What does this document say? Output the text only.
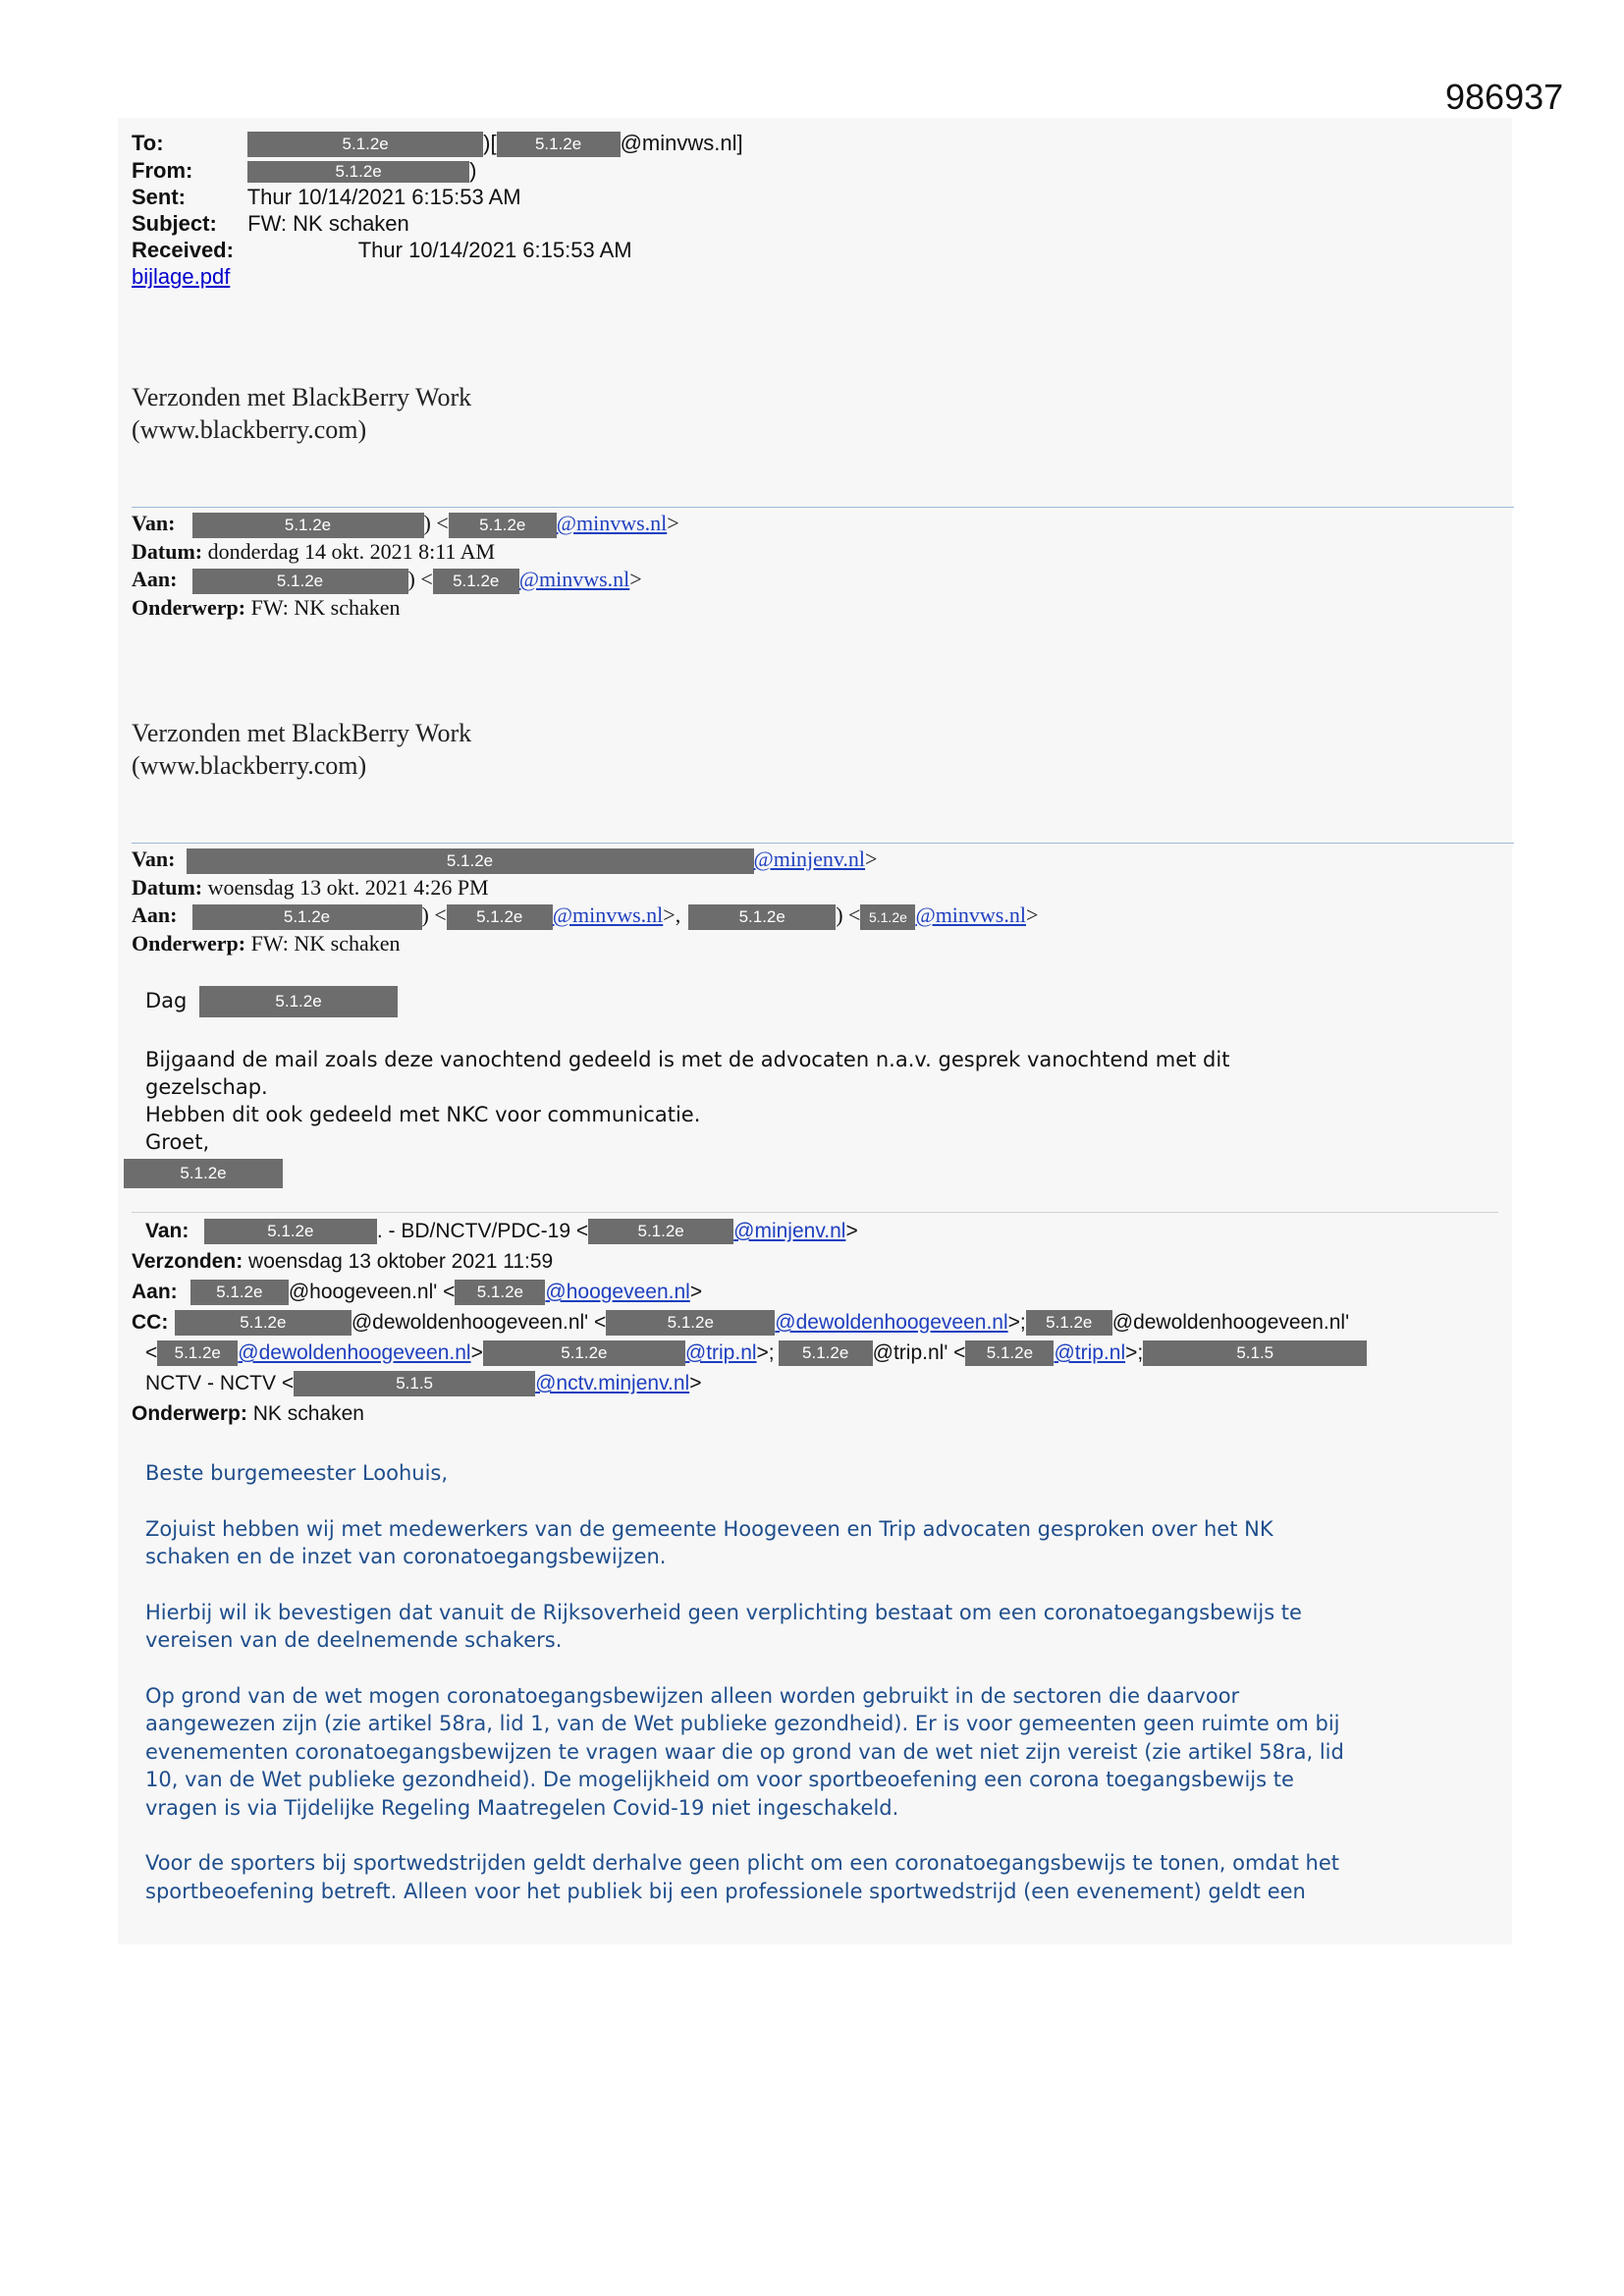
986937
To:	5.1.2e	)[ 5.1.2e @minvws.nl]
From:	5.1.2e	)
Sent:	Thur 10/14/2021 6:15:53 AM
Subject: FW: NK schaken
Received:	Thur 10/14/2021 6:15:53 AM
bijlage.pdf
Verzonden met BlackBerry Work
(www.blackberry.com)
Van:	5.1.2e	) < 5.1.2e @minvws.nl>
Datum: donderdag 14 okt. 2021 8:11 AM
Aan:	5.1.2e	) < 5.1.2e @minvws.nl>
Onderwerp: FW: NK schaken
Verzonden met BlackBerry Work
(www.blackberry.com)
Van:	5.1.2e	@minjenv.nl>
Datum: woensdag 13 okt. 2021 4:26 PM
Aan:	5.1.2e	) < 5.1.2e @minvws.nl>,	5.1.2e ) < 5.1.2e @minvws.nl>
Onderwerp: FW: NK schaken
Dag	5.1.2e
Bijgaand de mail zoals deze vanochtend gedeeld is met de advocaten n.a.v. gesprek vanochtend met dit
gezelschap.
Hebben dit ook gedeeld met NKC voor communicatie.
Groet,
5.1.2e
Van:	5.1.2e	. - BD/NCTV/PDC-19 <	5.1.2e @minjenv.nl>
Verzonden: woensdag 13 oktober 2021 11:59
Aan: 5.1.2e @hoogeveen.nl' < 5.1.2e @hoogeveen.nl>
CC:	5.1.2e	@dewoldenhoogeveen.nl' <	5.1.2e	@dewoldenhoogeveen.nl>; 5.1.2e @dewoldenhoogeveen.nl'
< 5.1.2e @dewoldenhoogeveen.nl>	5.1.2e	@trip.nl>; 5.1.2e @trip.nl' < 5.1.2e @trip.nl>;	5.1.5
NCTV - NCTV <	5.1.5	@nctv.minjenv.nl>
Onderwerp: NK schaken
Beste burgemeester Loohuis,
Zojuist hebben wij met medewerkers van de gemeente Hoogeveen en Trip advocaten gesproken over het NK
schaken en de inzet van coronatoegangsbewijzen.
Hierbij wil ik bevestigen dat vanuit de Rijksoverheid geen verplichting bestaat om een coronatoegangsbewijs te
vereisen van de deelnemende schakers.
Op grond van de wet mogen coronatoegangsbewijzen alleen worden gebruikt in de sectoren die daarvoor
aangewezen zijn (zie artikel 58ra, lid 1, van de Wet publieke gezondheid). Er is voor gemeenten geen ruimte om bij
evenementen coronatoegangsbewijzen te vragen waar die op grond van de wet niet zijn vereist (zie artikel 58ra, lid
10, van de Wet publieke gezondheid). De mogelijkheid om voor sportbeoefening een corona toegangsbewijs te
vragen is via Tijdelijke Regeling Maatregelen Covid-19 niet ingeschakeld.
Voor de sporters bij sportwedstrijden geldt derhalve geen plicht om een coronatoegangsbewijs te tonen, omdat het
sportbeoefening betreft. Alleen voor het publiek bij een professionele sportwedstrijd (een evenement) geldt een
